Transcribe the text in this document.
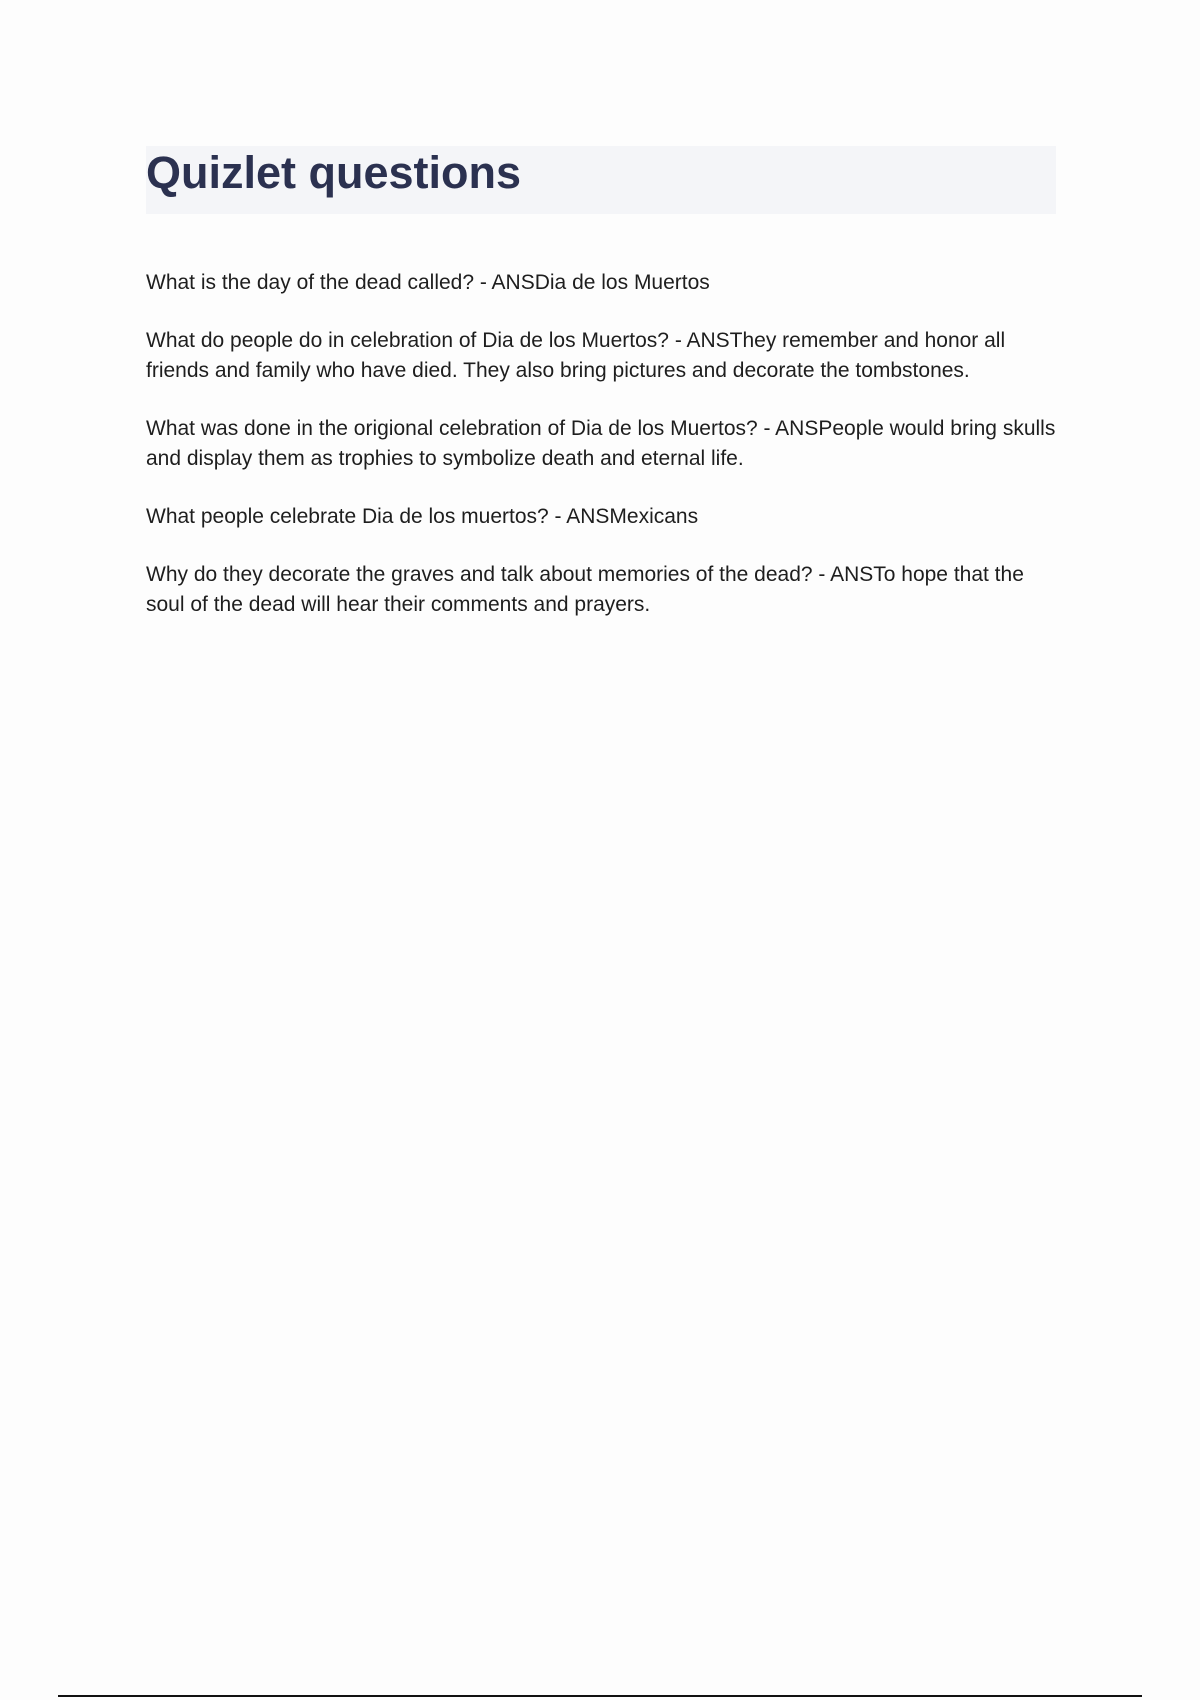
Quizlet questions
What is the day of the dead called? - ANSDia de los Muertos
What do people do in celebration of Dia de los Muertos? - ANSThey remember and honor all friends and family who have died. They also bring pictures and decorate the tombstones.
What was done in the origional celebration of Dia de los Muertos? - ANSPeople would bring skulls and display them as trophies to symbolize death and eternal life.
What people celebrate Dia de los muertos? - ANSMexicans
Why do they decorate the graves and talk about memories of the dead? - ANSTo hope that the soul of the dead will hear their comments and prayers.
